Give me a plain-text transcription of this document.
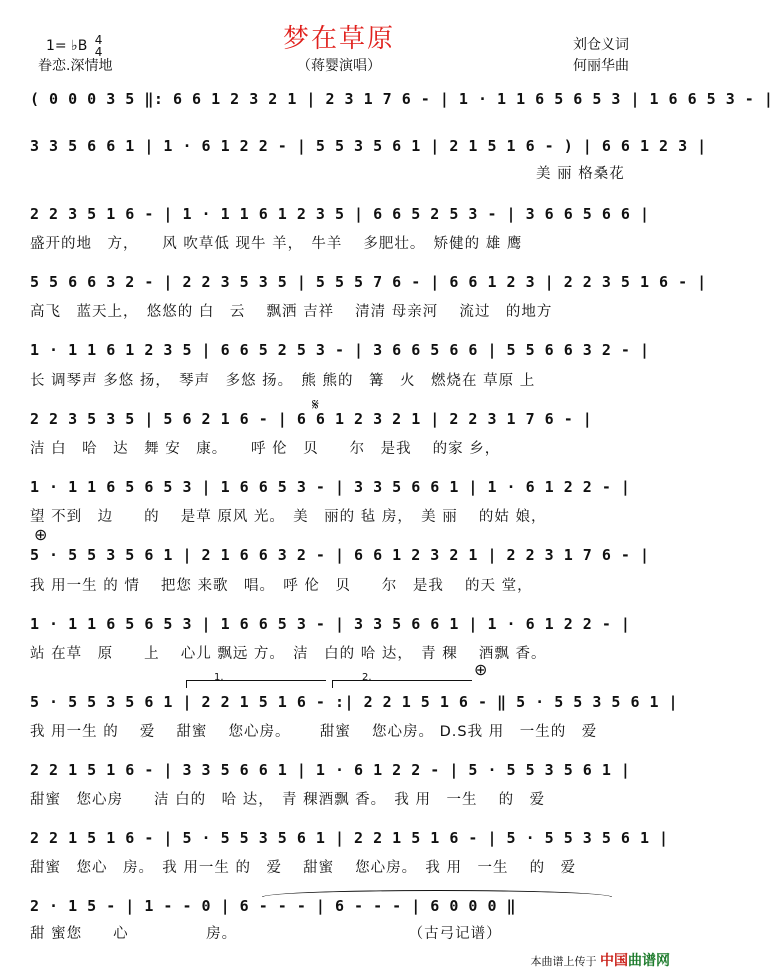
梦在草原
1= ♭B 4
4
眷恋.深情地	（蒋婴演唱）
刘仓义词
何丽华曲
( 0 0 0 3 5 ‖: 6 6 1 2 3 2 1 | 2 3 1 7 6 - | 1 · 1 1 6 5 6 5 3 | 1 6 6 5 3 - |
3 3 5 6 6 1 | 1 · 6 1 2 2 - | 5 5 3 5 6 1 | 2 1 5 1 6 - ) | 6 6 1 2 3 |
美 丽 格桑花
2 2 3 5 1 6 - | 1 · 1 1 6 1 2 3 5 | 6 6 5 2 5 3 - | 3 6 6 5 6 6 |
盛开的地　方，　　风 吹草低 现牛 羊，　牛羊　 多肥壮。　矫健的 雄 鹰
5 5 6 6 3 2 - | 2 2 3 5 3 5 | 5 5 5 7 6 - | 6 6 1 2 3 | 2 2 3 5 1 6 - |
高飞　蓝天上，　悠悠的 白　云　 飘洒 吉祥　 清清 母亲河　 流过　的地方
1 · 1 1 6 1 2 3 5 | 6 6 5 2 5 3 - | 3 6 6 5 6 6 | 5 5 6 6 3 2 - |
长 调琴声 多悠 扬，　琴声　多悠 扬。　熊 熊的　篝　火　燃烧在 草原 上
2 2 3 5 3 5 | 5 6 2 1 6 - | 6 6 1 2 3 2 1 | 2 2 3 1 7 6 - |
洁 白　哈　达　舞 安　康。　　呼 伦　贝　　尔　是我　 的家 乡，
𝄋
1 · 1 1 6 5 6 5 3 | 1 6 6 5 3 - | 3 3 5 6 6 1 | 1 · 6 1 2 2 - |
望 不到　边　　的　 是草 原风 光。　美　丽的 毡 房，　美 丽　 的姑 娘，
⊕
5 · 5 5 3 5 6 1 | 2 1 6 6 3 2 - | 6 6 1 2 3 2 1 | 2 2 3 1 7 6 - |
我 用一生 的 情　 把您 来歌　唱。　呼 伦　贝　　尔　是我　 的天 堂，
1 · 1 1 6 5 6 5 3 | 1 6 6 5 3 - | 3 3 5 6 6 1 | 1 · 6 1 2 2 - |
站 在草　原　　上　 心儿 飘远 方。　洁　白的 哈 达，　青 稞　 酒飘 香。
⊕
1.	2.
5 · 5 5 3 5 6 1 | 2 2 1 5 1 6 - :| 2 2 1 5 1 6 - ‖ 5 · 5 5 3 5 6 1 |
我 用一生 的　 爱　 甜蜜　 您心房。　　 甜蜜　 您心房。 D.S我 用　一生的　爱
2 2 1 5 1 6 - | 3 3 5 6 6 1 | 1 · 6 1 2 2 - | 5 · 5 5 3 5 6 1 |
甜蜜　您心房　　洁 白的　哈 达，　青 稞酒飘 香。　我 用　一生　 的　爱
2 2 1 5 1 6 - | 5 · 5 5 3 5 6 1 | 2 2 1 5 1 6 - | 5 · 5 5 3 5 6 1 |
甜蜜　您心　房。　我 用一生 的　爱　 甜蜜　 您心房。　我 用　一生　 的　爱
2 · 1 5 - | 1 - - 0 | 6 - - - | 6 - - - | 6 0 0 0 ‖
甜 蜜您　　心　　　　　房。　　　　　　　　　　　　（古弓记谱）
本曲谱上传于 中国曲谱网
